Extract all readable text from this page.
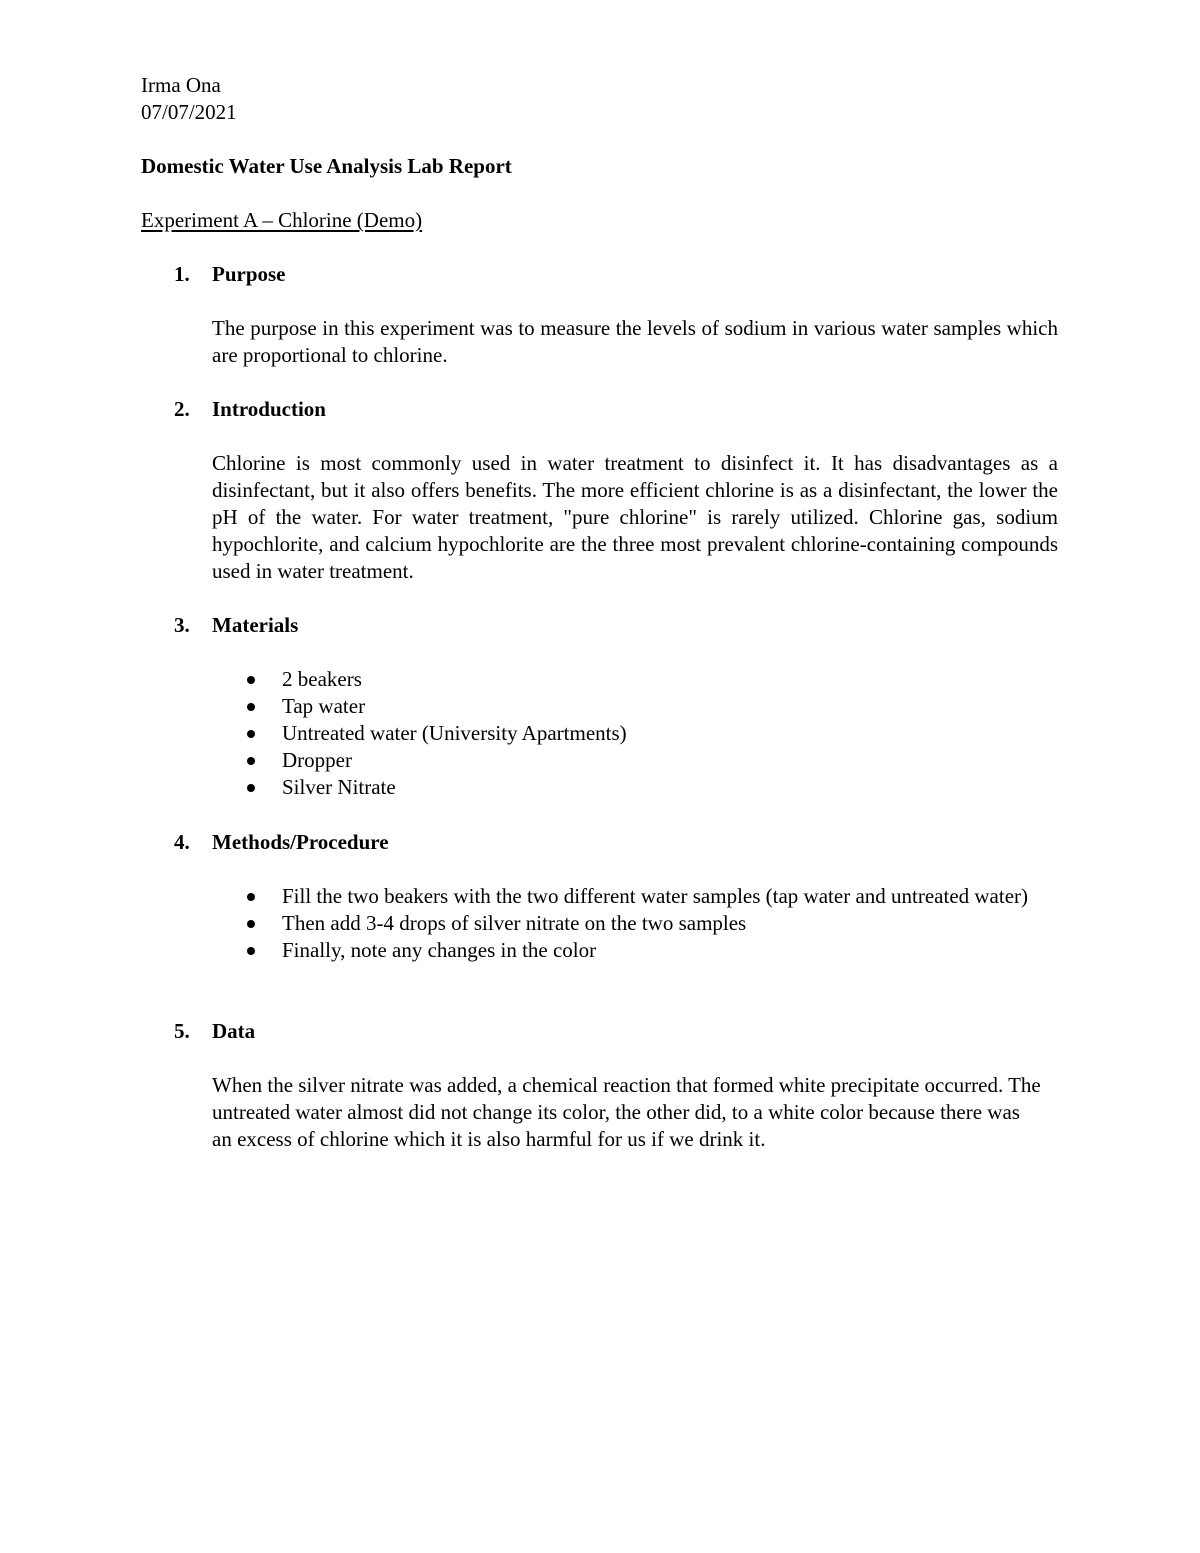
Irma Ona
07/07/2021
Domestic Water Use Analysis Lab Report
Experiment A – Chlorine (Demo)
1. Purpose
The purpose in this experiment was to measure the levels of sodium in various water samples which are proportional to chlorine.
2. Introduction
Chlorine is most commonly used in water treatment to disinfect it. It has disadvantages as a disinfectant, but it also offers benefits. The more efficient chlorine is as a disinfectant, the lower the pH of the water. For water treatment, "pure chlorine" is rarely utilized. Chlorine gas, sodium hypochlorite, and calcium hypochlorite are the three most prevalent chlorine-containing compounds used in water treatment.
3. Materials
2 beakers
Tap water
Untreated water (University Apartments)
Dropper
Silver Nitrate
4. Methods/Procedure
Fill the two beakers with the two different water samples (tap water and untreated water)
Then add 3-4 drops of silver nitrate on the two samples
Finally, note any changes in the color
5. Data
When the silver nitrate was added, a chemical reaction that formed white precipitate occurred. The untreated water almost did not change its color, the other did, to a white color because there was an excess of chlorine which it is also harmful for us if we drink it.
